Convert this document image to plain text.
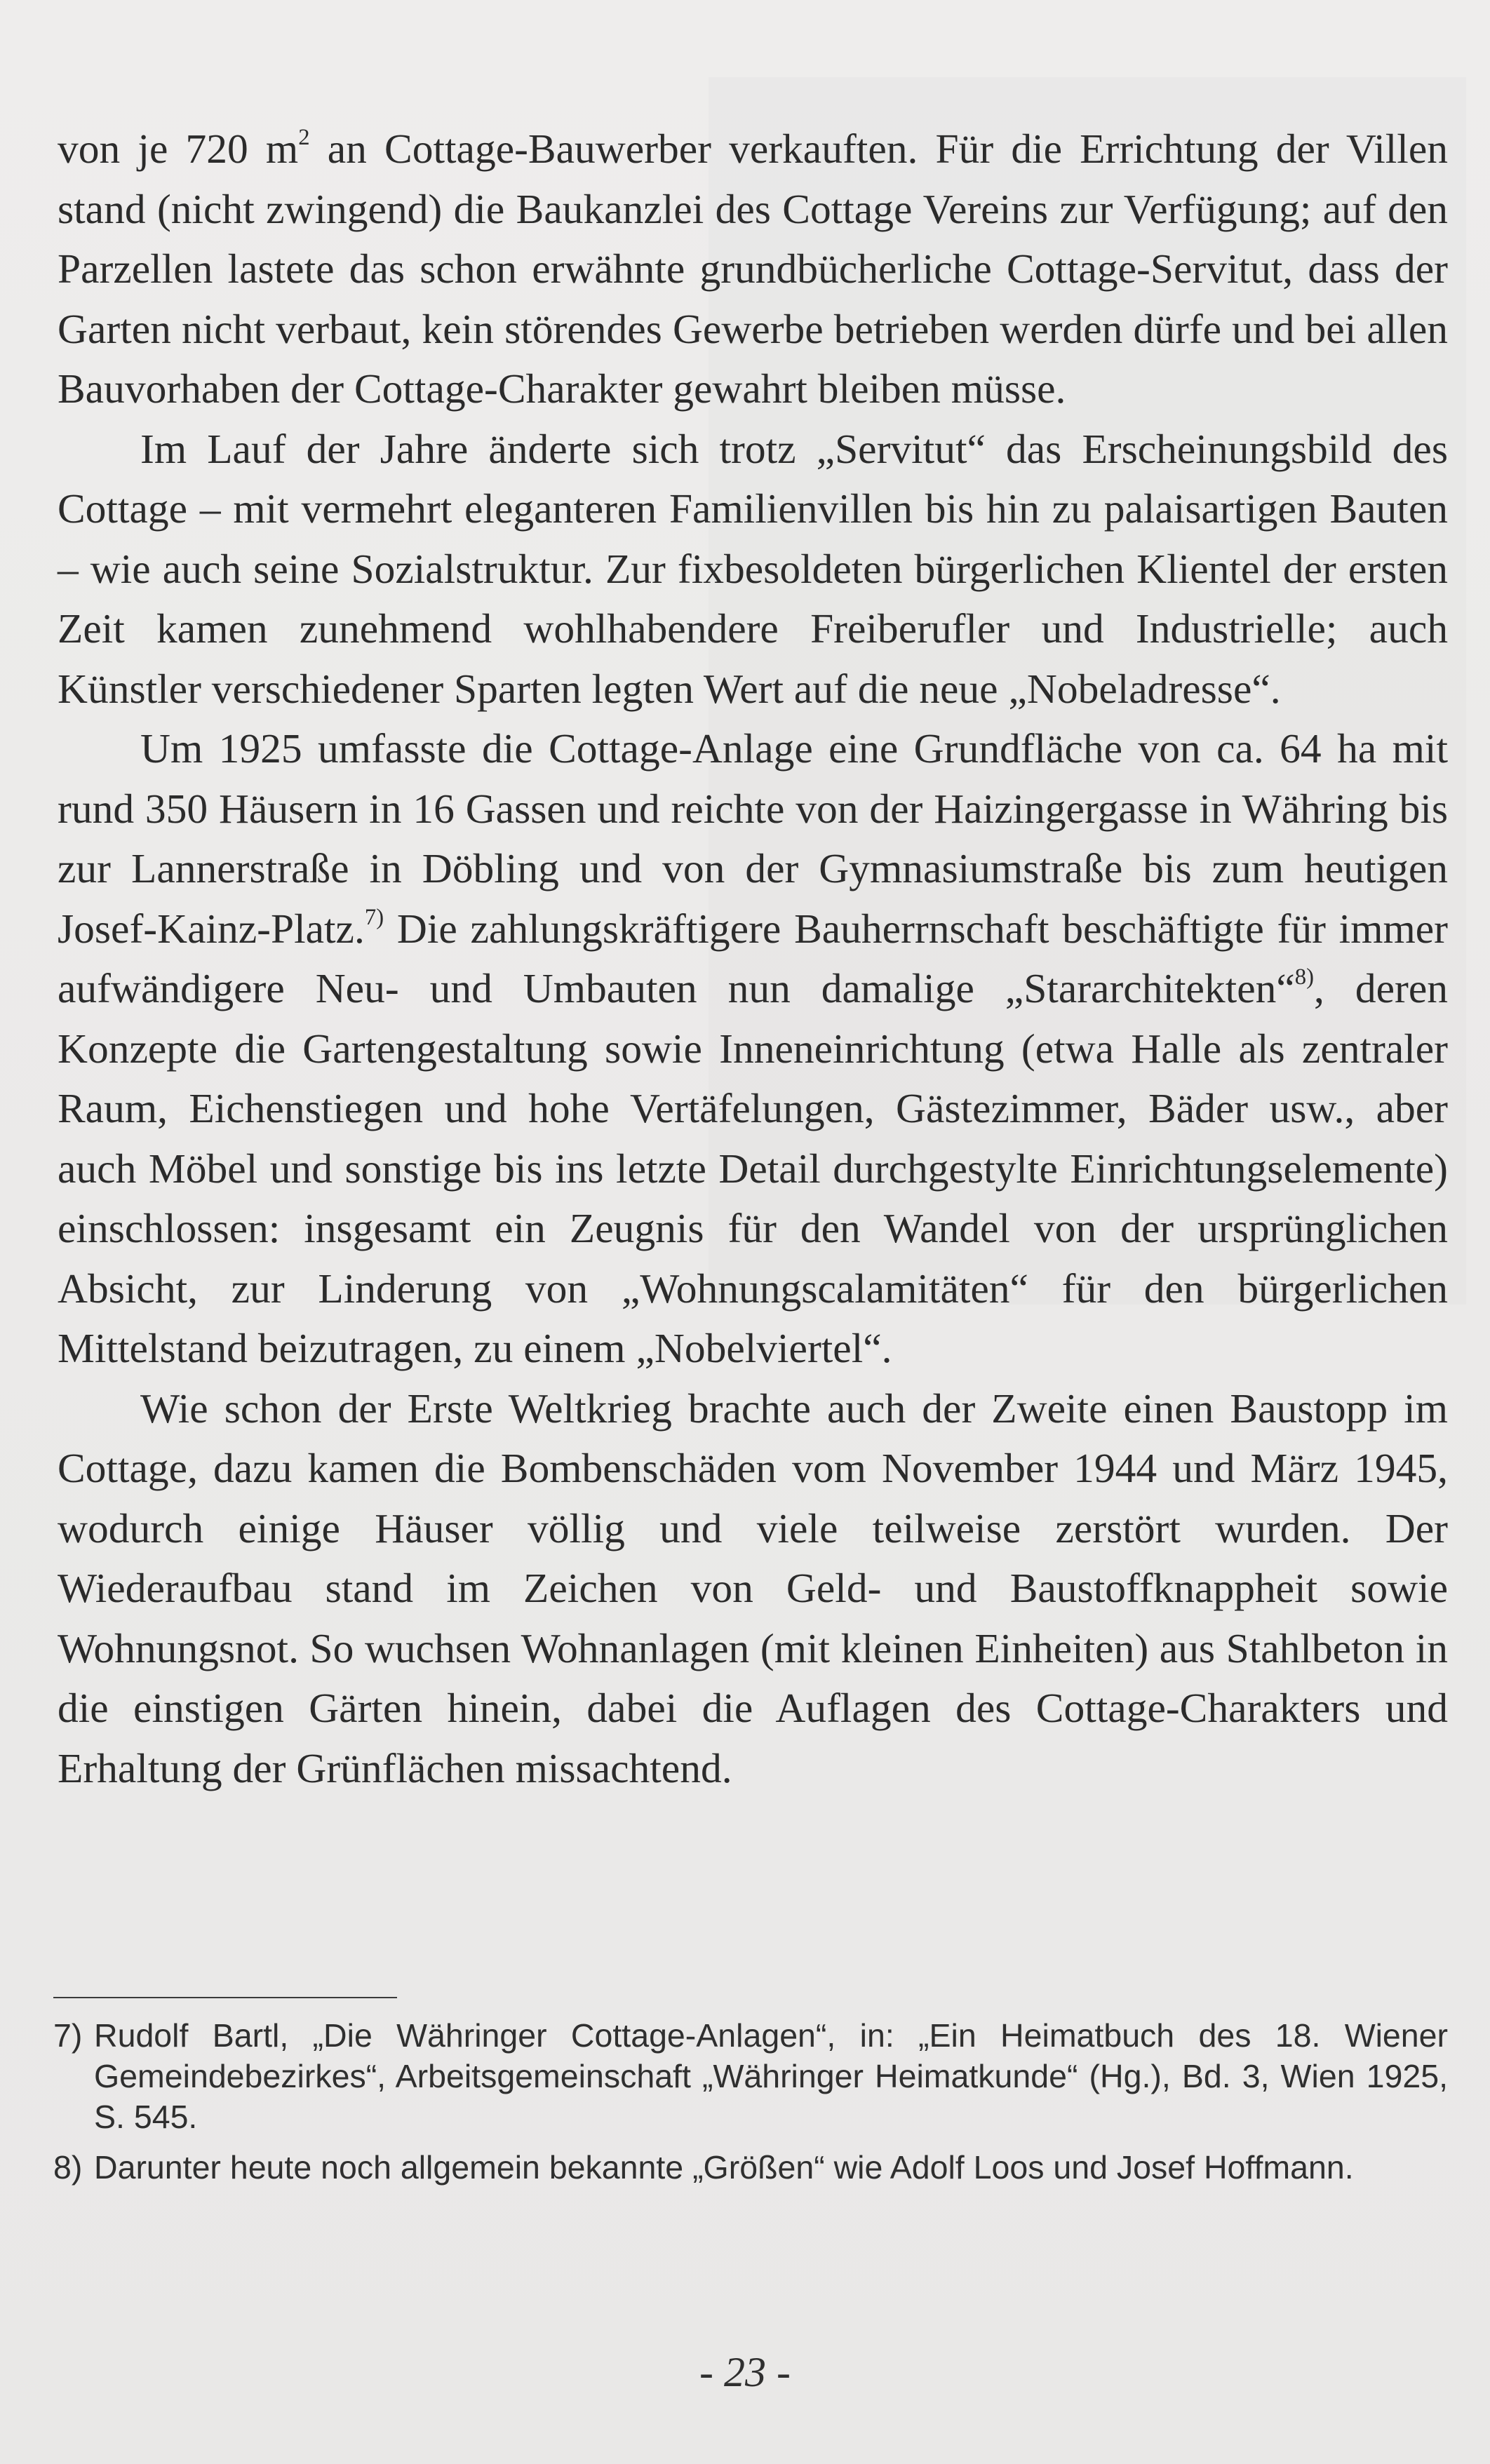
von je 720 $m^2$ an Cottage-Bauwerber verkauften. Für die Errichtung der Villen stand (nicht zwingend) die Baukanzlei des Cottage Vereins zur Verfügung; auf den Parzellen lastete das schon erwähnte grundbücherliche Cottage-Servitut, dass der Garten nicht verbaut, kein störendes Gewerbe betrieben werden dürfe und bei allen Bauvorhaben der Cottage-Charakter gewahrt bleiben müsse.

Im Lauf der Jahre änderte sich trotz „Servitut“ das Erscheinungsbild des Cottage – mit vermehrt eleganteren Familienvillen bis hin zu palaisartigen Bauten – wie auch seine Sozialstruktur. Zur fixbesoldeten bürgerlichen Klientel der ersten Zeit kamen zunehmend wohlhabendere Freiberufler und Industrielle; auch Künstler verschiedener Sparten legten Wert auf die neue „Nobeladresse“.

Um 1925 umfasste die Cottage-Anlage eine Grundfläche von ca. 64 ha mit rund 350 Häusern in 16 Gassen und reichte von der Haizingergasse in Währing bis zur Lannerstraße in Döbling und von der Gymnasiumstraße bis zum heutigen Josef-Kainz-Platz.$^{7)}$ Die zahlungskräftigere Bauherrnschaft beschäftigte für immer aufwändigere Neu- und Umbauten nun damalige „Stararchitekten“$^{8)}$, deren Konzepte die Gartengestaltung sowie Inneneinrichtung (etwa Halle als zentraler Raum, Eichenstiegen und hohe Vertäfelungen, Gästezimmer, Bäder usw., aber auch Möbel und sonstige bis ins letzte Detail durchgestylte Einrichtungselemente) einschlossen: insgesamt ein Zeugnis für den Wandel von der ursprünglichen Absicht, zur Linderung von „Wohnungscalamitäten“ für den bürgerlichen Mittelstand beizutragen, zu einem „Nobelviertel“.

Wie schon der Erste Weltkrieg brachte auch der Zweite einen Baustopp im Cottage, dazu kamen die Bombenschäden vom November 1944 und März 1945, wodurch einige Häuser völlig und viele teilweise zerstört wurden. Der Wiederaufbau stand im Zeichen von Geld- und Baustoffknappheit sowie Wohnungsnot. So wuchsen Wohnanlagen (mit kleinen Einheiten) aus Stahlbeton in die einstigen Gärten hinein, dabei die Auflagen des Cottage-Charakters und Erhaltung der Grünflächen missachtend.

7) Rudolf Bartl, „Die Währinger Cottage-Anlagen“, in: „Ein Heimatbuch des 18. Wiener Gemeindebezirkes“, Arbeitsgemeinschaft „Währinger Heimatkunde“ (Hg.), Bd. 3, Wien 1925, S. 545.
8) Darunter heute noch allgemein bekannte „Größen“ wie Adolf Loos und Josef Hoffmann.
- 23 -
